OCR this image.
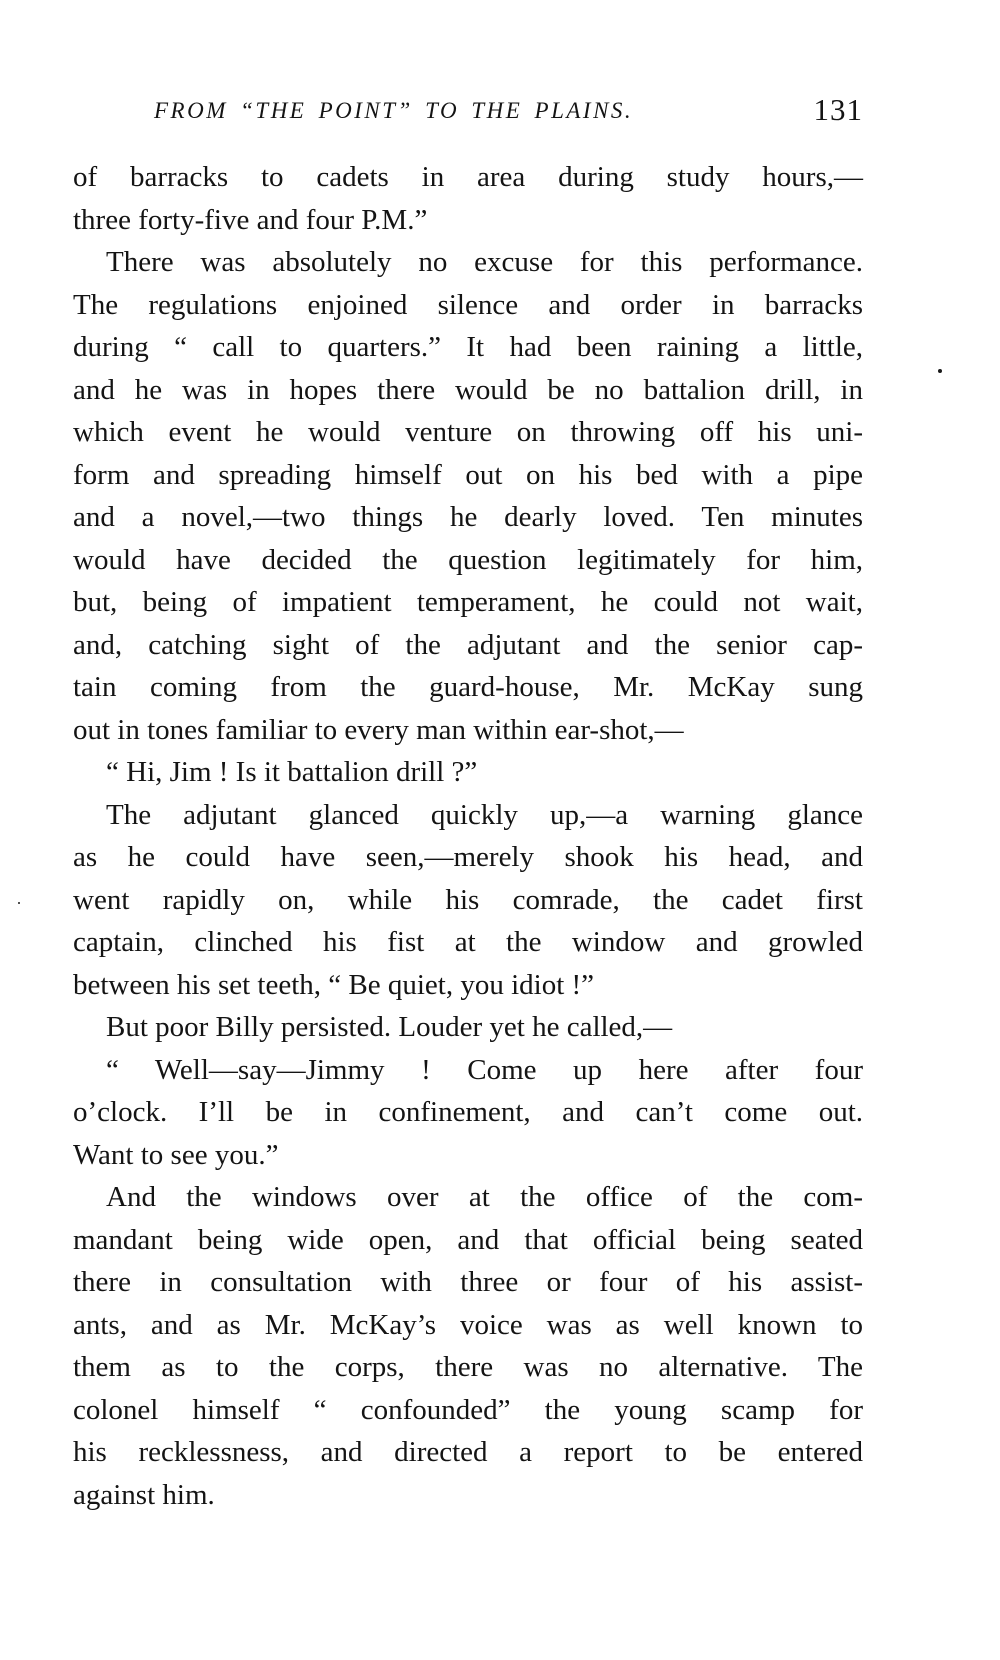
FROM “THE POINT” TO THE PLAINS.	131
of barracks to cadets in area during study hours,—
three forty-five and four P.M.”
There was absolutely no excuse for this performance.
The regulations enjoined silence and order in barracks
during “ call to quarters.” It had been raining a little,
and he was in hopes there would be no battalion drill, in
which event he would venture on throwing off his uni-
form and spreading himself out on his bed with a pipe
and a novel,—two things he dearly loved. Ten minutes
would have decided the question legitimately for him,
but, being of impatient temperament, he could not wait,
and, catching sight of the adjutant and the senior cap-
tain coming from the guard-house, Mr. McKay sung
out in tones familiar to every man within ear-shot,—
“ Hi, Jim ! Is it battalion drill ?”
The adjutant glanced quickly up,—a warning glance
as he could have seen,—merely shook his head, and
went rapidly on, while his comrade, the cadet first
captain, clinched his fist at the window and growled
between his set teeth, “ Be quiet, you idiot !”
But poor Billy persisted. Louder yet he called,—
“ Well—say—Jimmy ! Come up here after four
o’clock. I’ll be in confinement, and can’t come out.
Want to see you.”
And the windows over at the office of the com-
mandant being wide open, and that official being seated
there in consultation with three or four of his assist-
ants, and as Mr. McKay’s voice was as well known to
them as to the corps, there was no alternative. The
colonel himself “ confounded” the young scamp for
his recklessness, and directed a report to be entered
against him.
